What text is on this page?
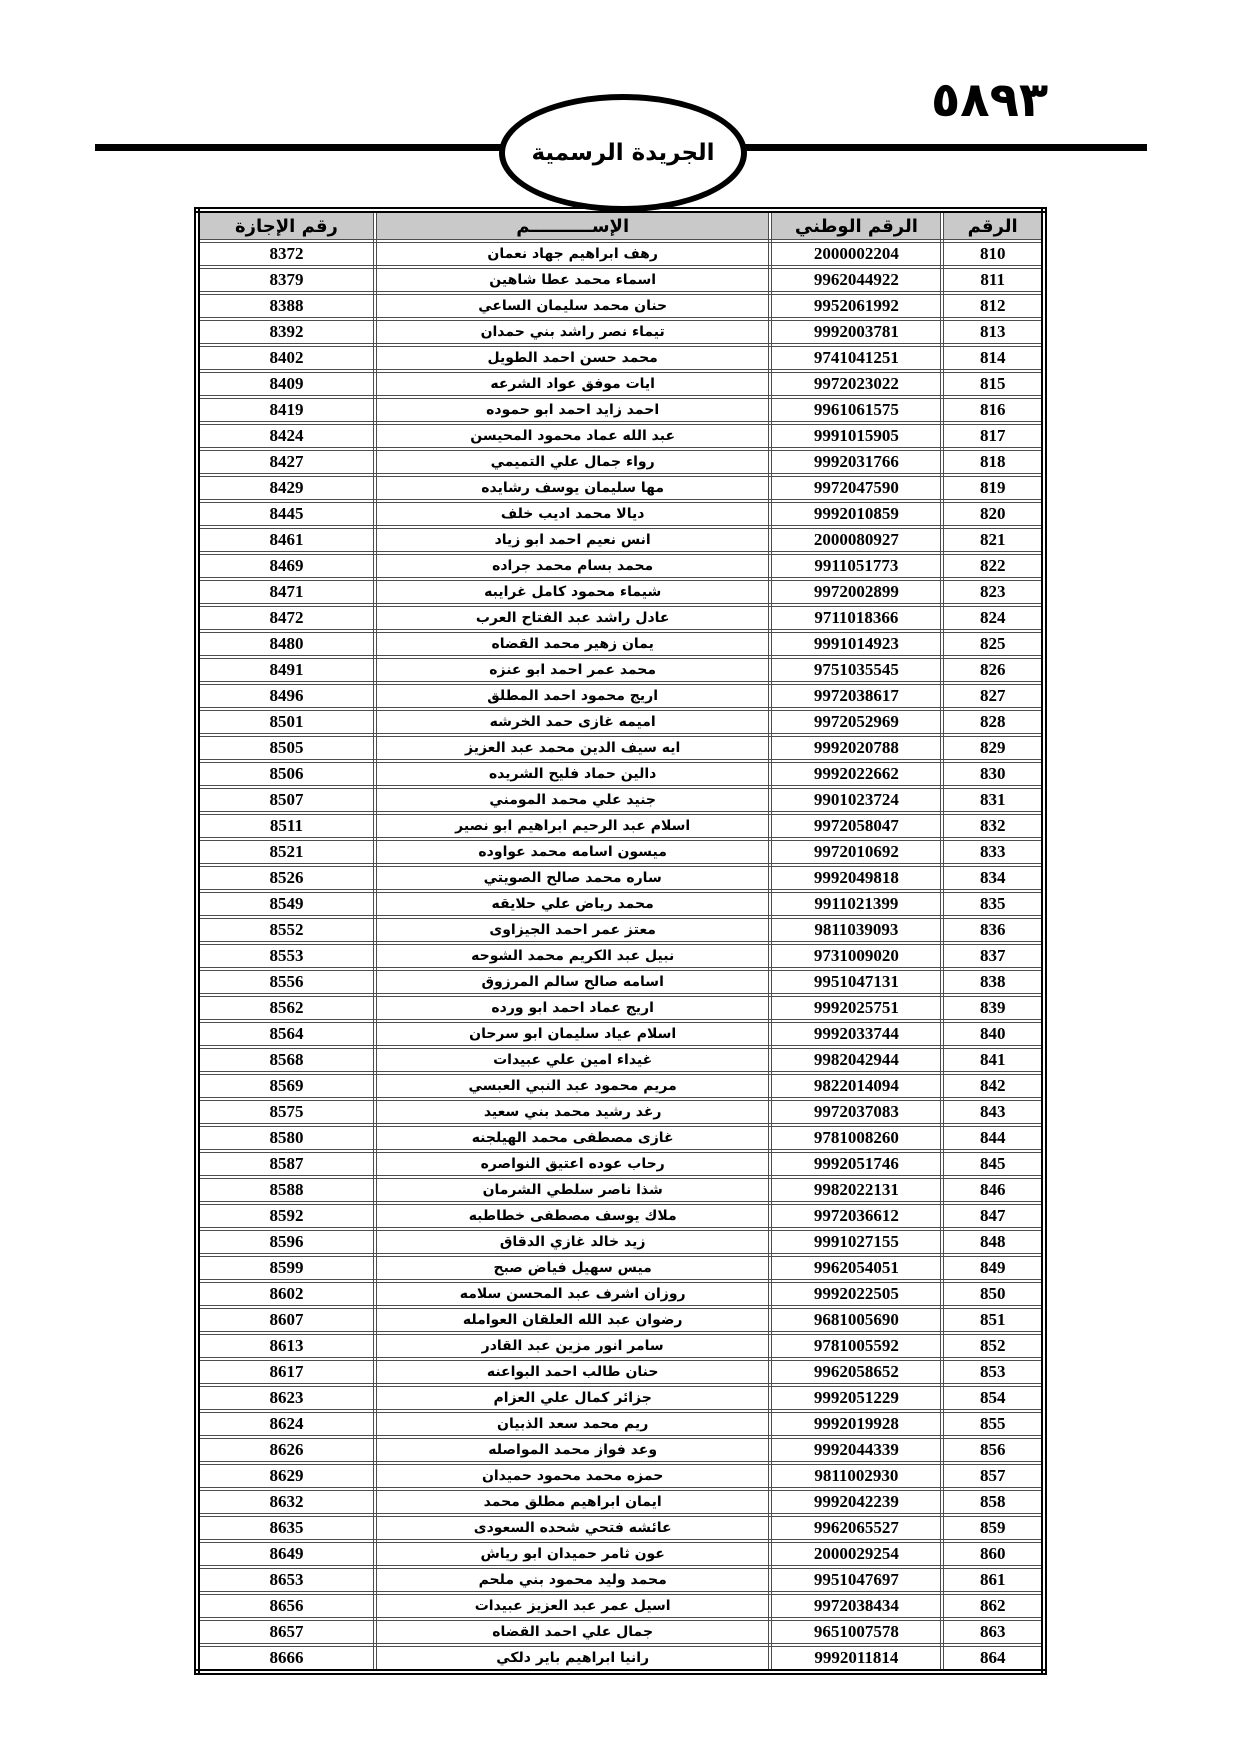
٥٨٩٣
الجريدة الرسمية
الرقم	الرقم الوطني	الإســــــــــم	رقم الإجازة
810	2000002204	رهف ابراهيم جهاد نعمان	8372
811	9962044922	اسماء محمد عطا شاهين	8379
812	9952061992	حنان محمد سليمان الساعي	8388
813	9992003781	تيماء نصر راشد بني حمدان	8392
814	9741041251	محمد حسن احمد الطويل	8402
815	9972023022	ايات موفق عواد الشرعه	8409
816	9961061575	احمد زايد احمد ابو حموده	8419
817	9991015905	عبد الله عماد محمود المحيسن	8424
818	9992031766	رواء جمال علي التميمي	8427
819	9972047590	مها سليمان يوسف رشايده	8429
820	9992010859	ديالا محمد اديب خلف	8445
821	2000080927	انس نعيم احمد ابو زياد	8461
822	9911051773	محمد بسام محمد جراده	8469
823	9972002899	شيماء محمود كامل غرايبه	8471
824	9711018366	عادل راشد عبد الفتاح العرب	8472
825	9991014923	يمان زهير محمد القضاه	8480
826	9751035545	محمد عمر احمد ابو عنزه	8491
827	9972038617	اريج محمود احمد المطلق	8496
828	9972052969	اميمه غازى حمد الخرشه	8501
829	9992020788	ايه سيف الدين محمد عبد العزيز	8505
830	9992022662	دالين حماد فليح الشريده	8506
831	9901023724	جنيد علي محمد المومني	8507
832	9972058047	اسلام عبد الرحيم ابراهيم ابو نصير	8511
833	9972010692	ميسون اسامه محمد عواوده	8521
834	9992049818	ساره محمد صالح الصويتي	8526
835	9911021399	محمد رياض علي حلايقه	8549
836	9811039093	معتز عمر احمد الجيزاوى	8552
837	9731009020	نبيل عبد الكريم محمد الشوحه	8553
838	9951047131	اسامه صالح سالم المرزوق	8556
839	9992025751	اريج عماد احمد ابو ورده	8562
840	9992033744	اسلام عياد سليمان ابو سرحان	8564
841	9982042944	غيداء امين علي عبيدات	8568
842	9822014094	مريم محمود عبد النبي العبسي	8569
843	9972037083	رغد رشيد محمد بني سعيد	8575
844	9781008260	غازى مصطفى محمد الهيلجنه	8580
845	9992051746	رحاب عوده اعتيق النواصره	8587
846	9982022131	شذا ناصر سلطي الشرمان	8588
847	9972036612	ملاك يوسف مصطفى خطاطبه	8592
848	9991027155	زيد خالد غازي الدقاق	8596
849	9962054051	ميس سهيل فياض صبح	8599
850	9992022505	روزان اشرف عبد المحسن سلامه	8602
851	9681005690	رضوان عبد الله العلقان العوامله	8607
852	9781005592	سامر انور مزين عبد القادر	8613
853	9962058652	حنان طالب احمد البواعنه	8617
854	9992051229	جزائر كمال علي العزام	8623
855	9992019928	ريم محمد سعد الذبيان	8624
856	9992044339	وعد فواز محمد المواصله	8626
857	9811002930	حمزه محمد محمود حميدان	8629
858	9992042239	ايمان ابراهيم مطلق محمد	8632
859	9962065527	عائشه فتحي شحده السعودى	8635
860	2000029254	عون ثامر حميدان ابو رياش	8649
861	9951047697	محمد وليد محمود بني ملحم	8653
862	9972038434	اسيل عمر عبد العزيز عبيدات	8656
863	9651007578	جمال علي احمد القضاه	8657
864	9992011814	رانيا ابراهيم باير دلكي	8666
